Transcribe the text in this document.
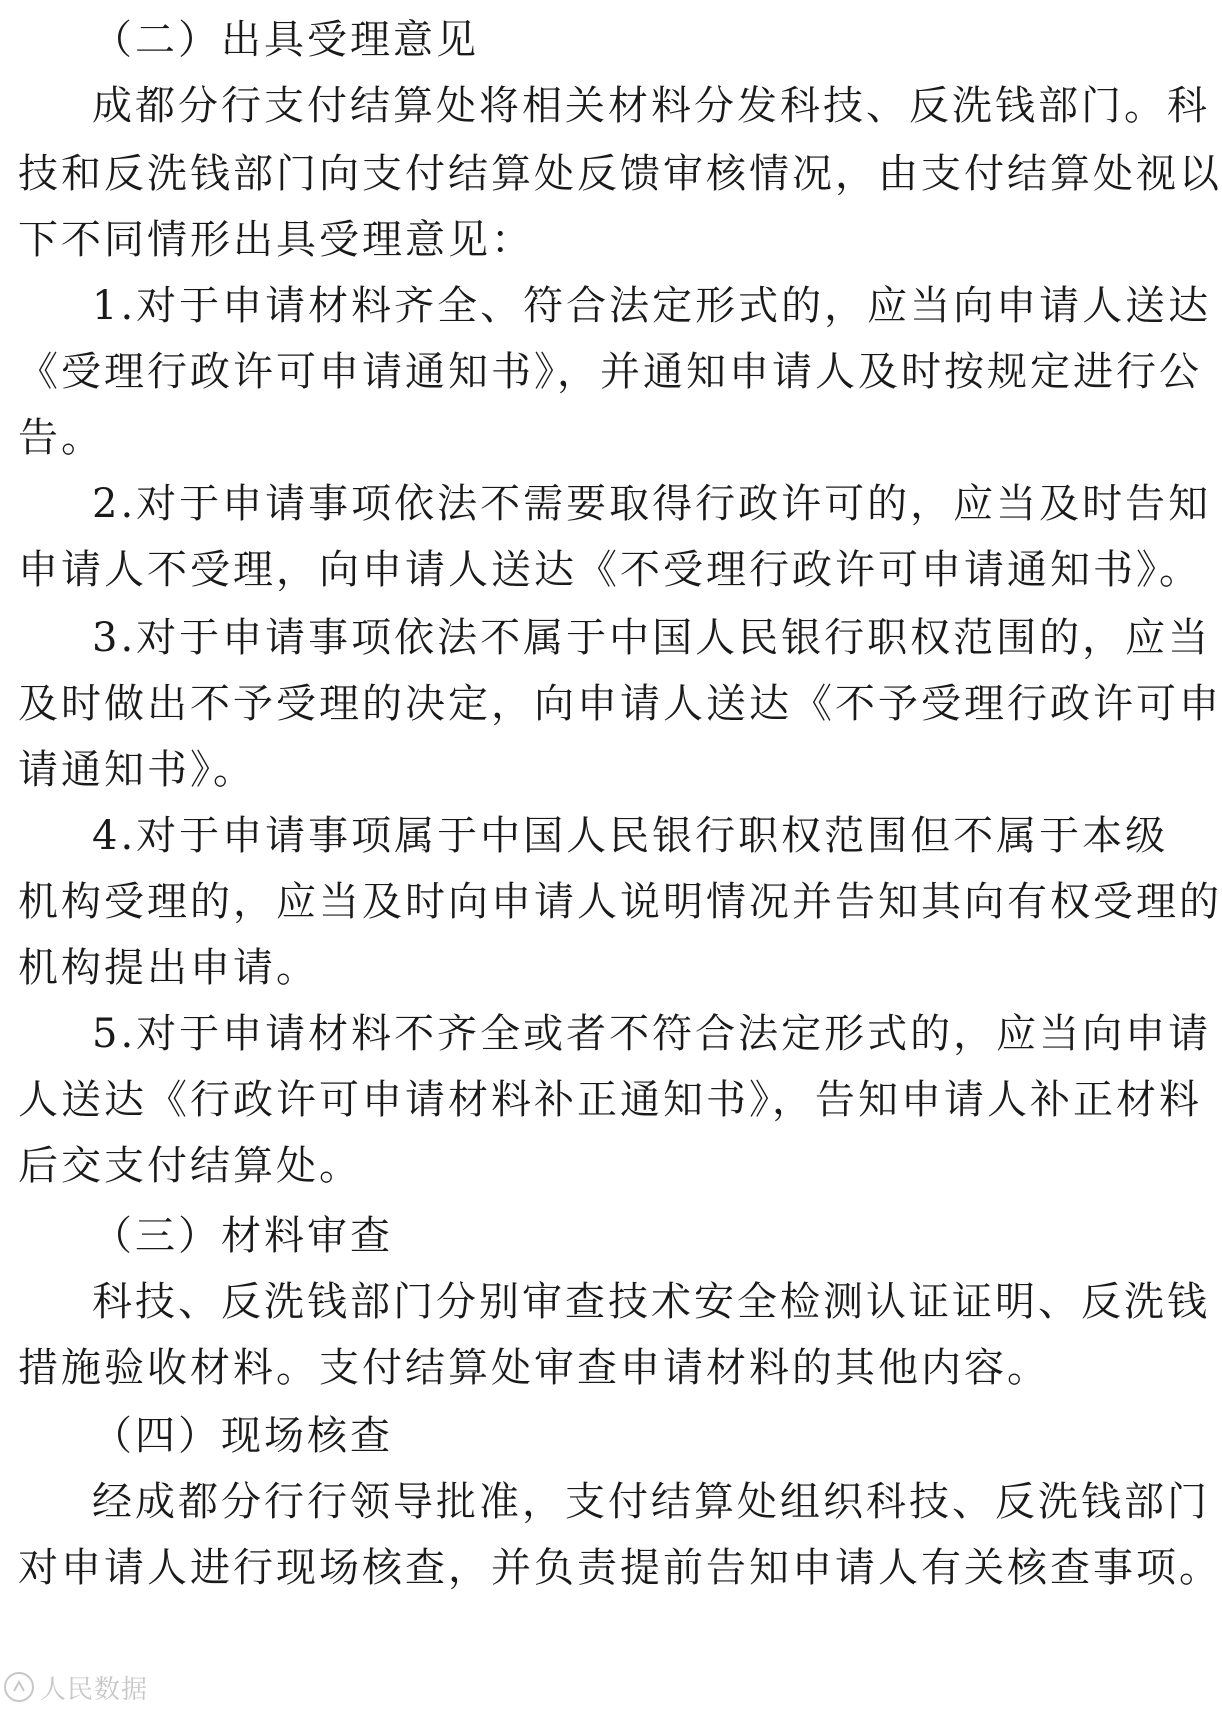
（二）出具受理意见
成都分行支付结算处将相关材料分发科技、反洗钱部门。科
技和反洗钱部门向支付结算处反馈审核情况，由支付结算处视以
下不同情形出具受理意见：
1.对于申请材料齐全、符合法定形式的，应当向申请人送达
《受理行政许可申请通知书》，并通知申请人及时按规定进行公
告。
2.对于申请事项依法不需要取得行政许可的，应当及时告知
申请人不受理，向申请人送达《不受理行政许可申请通知书》。
3.对于申请事项依法不属于中国人民银行职权范围的，应当
及时做出不予受理的决定，向申请人送达《不予受理行政许可申
请通知书》。
4.对于申请事项属于中国人民银行职权范围但不属于本级
机构受理的，应当及时向申请人说明情况并告知其向有权受理的
机构提出申请。
5.对于申请材料不齐全或者不符合法定形式的，应当向申请
人送达《行政许可申请材料补正通知书》，告知申请人补正材料
后交支付结算处。
（三）材料审查
科技、反洗钱部门分别审查技术安全检测认证证明、反洗钱
措施验收材料。支付结算处审查申请材料的其他内容。
（四）现场核查
经成都分行行领导批准，支付结算处组织科技、反洗钱部门
对申请人进行现场核查，并负责提前告知申请人有关核查事项。
人民数据
